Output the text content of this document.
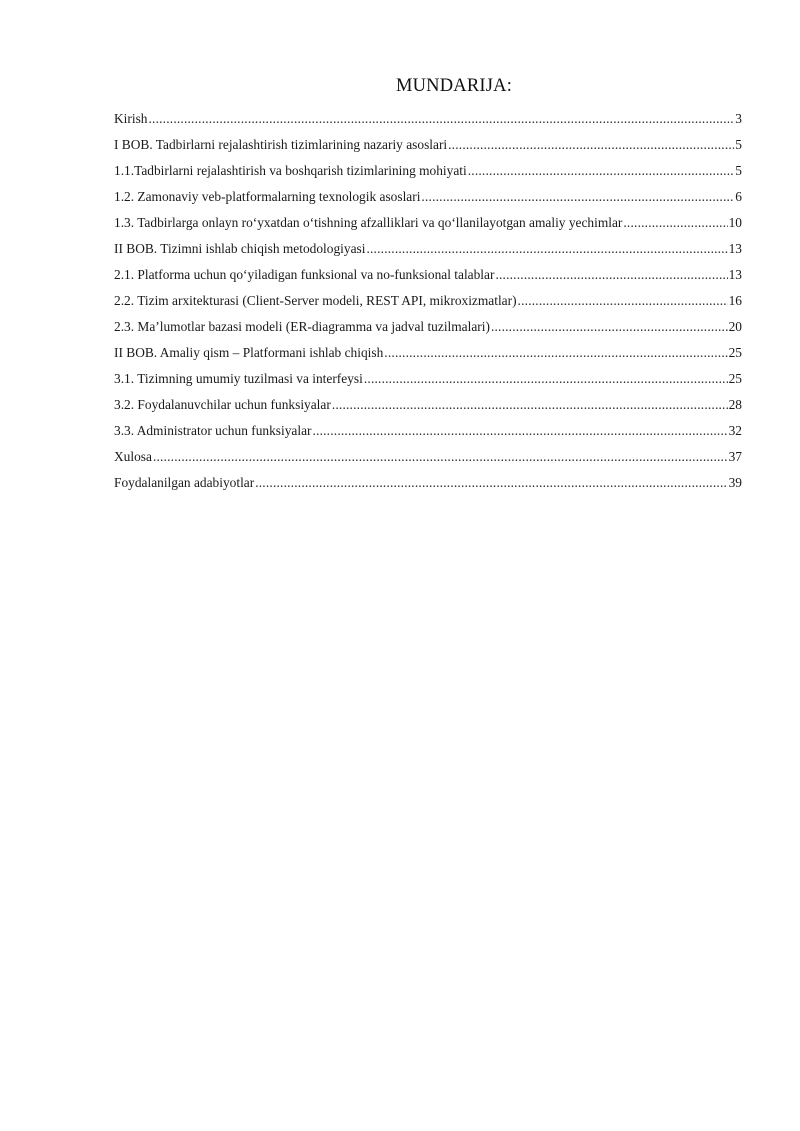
MUNDARIJA:
Kirish .....	3
I BOB. Tadbirlarni rejalashtirish tizimlarining nazariy asoslari .....	5
1.1.Tadbirlarni rejalashtirish va boshqarish tizimlarining mohiyati .....	5
1.2. Zamonaviy veb-platformalarning texnologik asoslari .....	6
1.3. Tadbirlarga onlayn ro‘yxatdan o‘tishning afzalliklari va qo‘llanilayotgan amaliy yechimlar .....	10
II BOB. Tizimni ishlab chiqish metodologiyasi .....	13
2.1. Platforma uchun qo‘yiladigan funksional va no-funksional talablar .....	13
2.2. Tizim arxitekturasi (Client-Server modeli, REST API, mikroxizmatlar) .....	16
2.3. Ma’lumotlar bazasi modeli (ER-diagramma va jadval tuzilmalari) .....	20
II BOB. Amaliy qism – Platformani ishlab chiqish .....	25
3.1. Tizimning umumiy tuzilmasi va interfeysi .....	25
3.2. Foydalanuvchilar uchun funksiyalar .....	28
3.3. Administrator uchun funksiyalar .....	32
Xulosa .....	37
Foydalanilgan adabiyotlar .....	39
